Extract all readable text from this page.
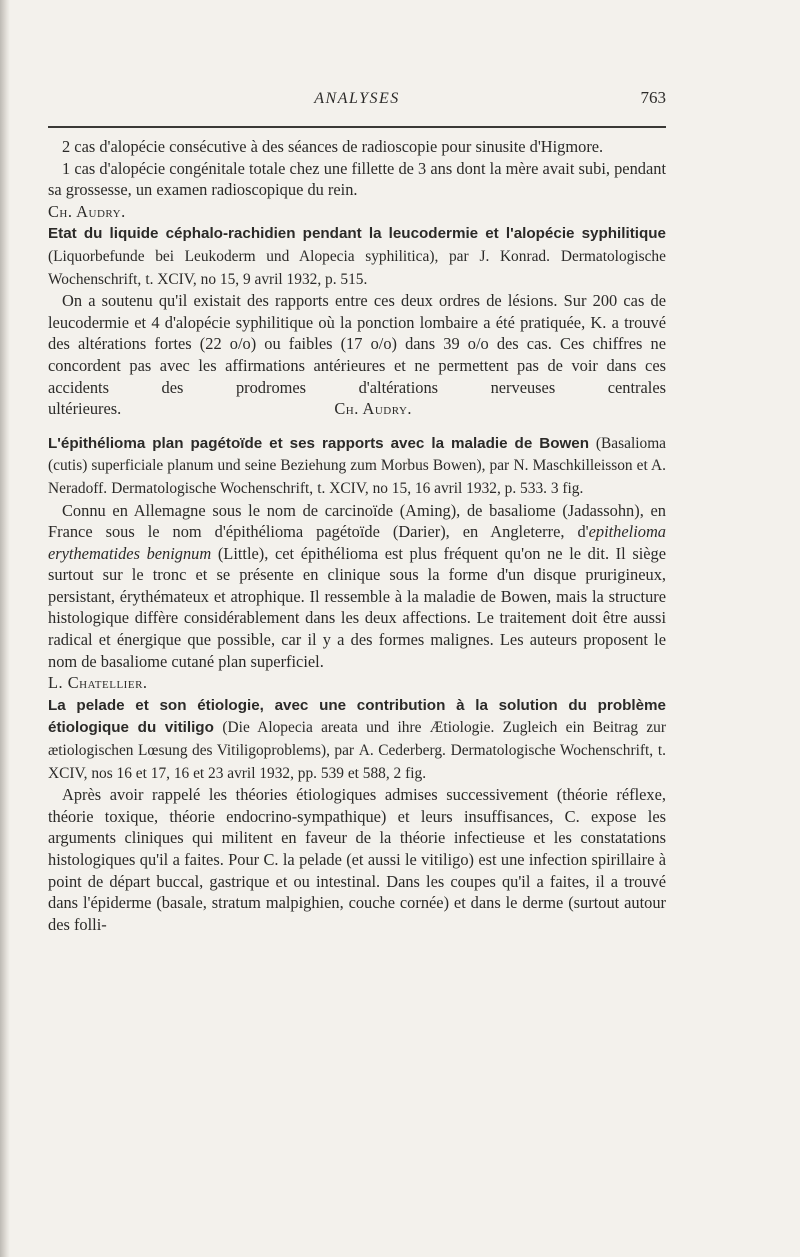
ANALYSES	763

2 cas d'alopécie consécutive à des séances de radioscopie pour sinusite d'Higmore.

1 cas d'alopécie congénitale totale chez une fillette de 3 ans dont la mère avait subi, pendant sa grossesse, un examen radioscopique du rein.

Ch. Audry.

Etat du liquide céphalo-rachidien pendant la leucodermie et l'alopécie syphilitique (Liquorbefunde bei Leukoderm und Alopecia syphilitica), par J. Konrad. Dermatologische Wochenschrift, t. XCIV, no 15, 9 avril 1932, p. 515.

On a soutenu qu'il existait des rapports entre ces deux ordres de lésions. Sur 200 cas de leucodermie et 4 d'alopécie syphilitique où la ponction lombaire a été pratiquée, K. a trouvé des altérations fortes (22 o/o) ou faibles (17 o/o) dans 39 o/o des cas. Ces chiffres ne concordent pas avec les affirmations antérieures et ne permettent pas de voir dans ces accidents des prodromes d'altérations nerveuses centrales ultérieures.	Ch. Audry.

L'épithélioma plan pagétoïde et ses rapports avec la maladie de Bowen (Basalioma (cutis) superficiale planum und seine Beziehung zum Morbus Bowen), par N. Maschkilleisson et A. Neradoff. Dermatologische Wochenschrift, t. XCIV, no 15, 16 avril 1932, p. 533. 3 fig.

Connu en Allemagne sous le nom de carcinoïde (Aming), de basaliome (Jadassohn), en France sous le nom d'épithélioma pagétoïde (Darier), en Angleterre, d'epithelioma erythematides benignum (Little), cet épithélioma est plus fréquent qu'on ne le dit. Il siège surtout sur le tronc et se présente en clinique sous la forme d'un disque prurigineux, persistant, érythémateux et atrophique. Il ressemble à la maladie de Bowen, mais la structure histologique diffère considérablement dans les deux affections. Le traitement doit être aussi radical et énergique que possible, car il y a des formes malignes. Les auteurs proposent le nom de basaliome cutané plan superficiel.

L. Chatellier.

La pelade et son étiologie, avec une contribution à la solution du problème étiologique du vitiligo (Die Alopecia areata und ihre Ætiologie. Zugleich ein Beitrag zur ætiologischen Lœsung des Vitiligoproblems), par A. Cederberg. Dermatologische Wochenschrift, t. XCIV, nos 16 et 17, 16 et 23 avril 1932, pp. 539 et 588, 2 fig.

Après avoir rappelé les théories étiologiques admises successivement (théorie réflexe, théorie toxique, théorie endocrino-sympathique) et leurs insuffisances, C. expose les arguments cliniques qui militent en faveur de la théorie infectieuse et les constatations histologiques qu'il a faites. Pour C. la pelade (et aussi le vitiligo) est une infection spirillaire à point de départ buccal, gastrique et ou intestinal. Dans les coupes qu'il a faites, il a trouvé dans l'épiderme (basale, stratum malpighien, couche cornée) et dans le derme (surtout autour des folli-
